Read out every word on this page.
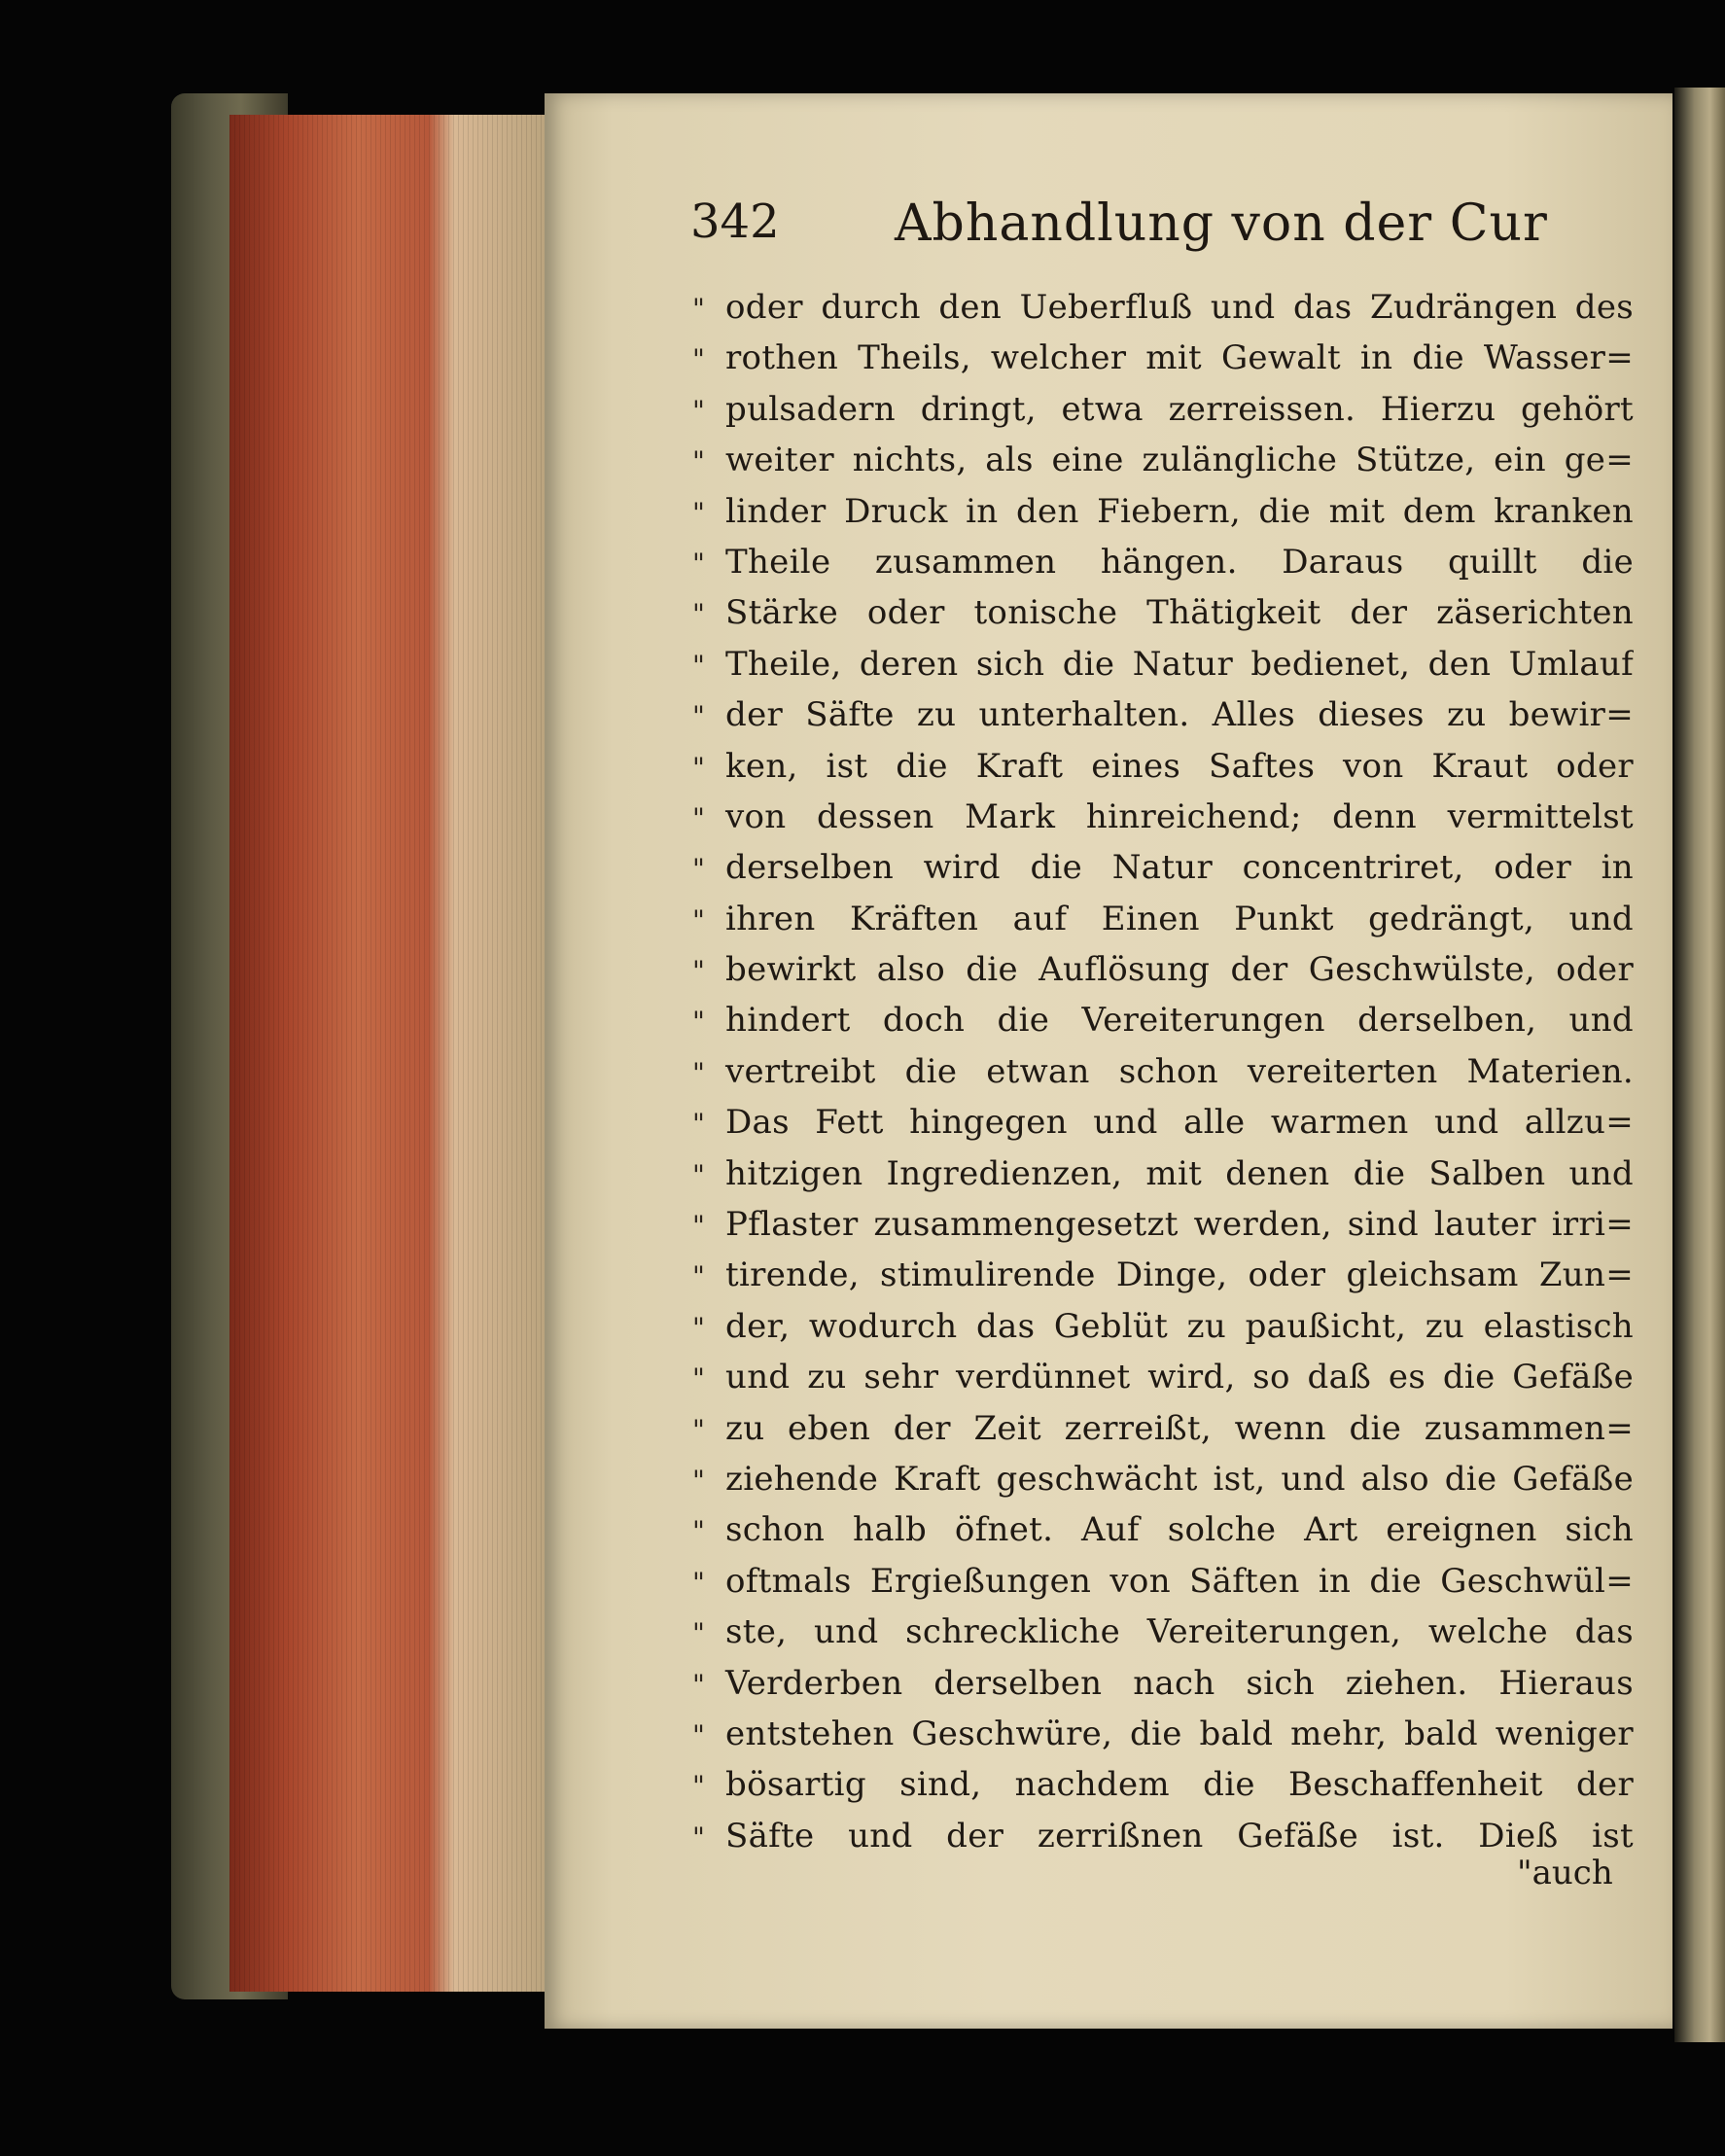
342 Abhandlung von der Cur
" oder durch den Ueberfluß und das Zudrängen des
" rothen Theils, welcher mit Gewalt in die Wasser=
" pulsadern dringt, etwa zerreissen. Hierzu gehört
" weiter nichts, als eine zulängliche Stütze, ein ge=
" linder Druck in den Fiebern, die mit dem kranken
" Theile zusammen hängen. Daraus quillt die
" Stärke oder tonische Thätigkeit der zäserichten
" Theile, deren sich die Natur bedienet, den Umlauf
" der Säfte zu unterhalten. Alles dieses zu bewir=
" ken, ist die Kraft eines Saftes von Kraut oder
" von dessen Mark hinreichend; denn vermittelst
" derselben wird die Natur concentriret, oder in
" ihren Kräften auf Einen Punkt gedrängt, und
" bewirkt also die Auflösung der Geschwülste, oder
" hindert doch die Vereiterungen derselben, und
" vertreibt die etwan schon vereiterten Materien.
" Das Fett hingegen und alle warmen und allzu=
" hitzigen Ingredienzen, mit denen die Salben und
" Pflaster zusammengesetzt werden, sind lauter irri=
" tirende, stimulirende Dinge, oder gleichsam Zun=
" der, wodurch das Geblüt zu paußicht, zu elastisch
" und zu sehr verdünnet wird, so daß es die Gefäße
" zu eben der Zeit zerreißt, wenn die zusammen=
" ziehende Kraft geschwächt ist, und also die Gefäße
" schon halb öfnet. Auf solche Art ereignen sich
" oftmals Ergießungen von Säften in die Geschwül=
" ste, und schreckliche Vereiterungen, welche das
" Verderben derselben nach sich ziehen. Hieraus
" entstehen Geschwüre, die bald mehr, bald weniger
" bösartig sind, nachdem die Beschaffenheit der
" Säfte und der zerrißnen Gefäße ist. Dieß ist
"auch
